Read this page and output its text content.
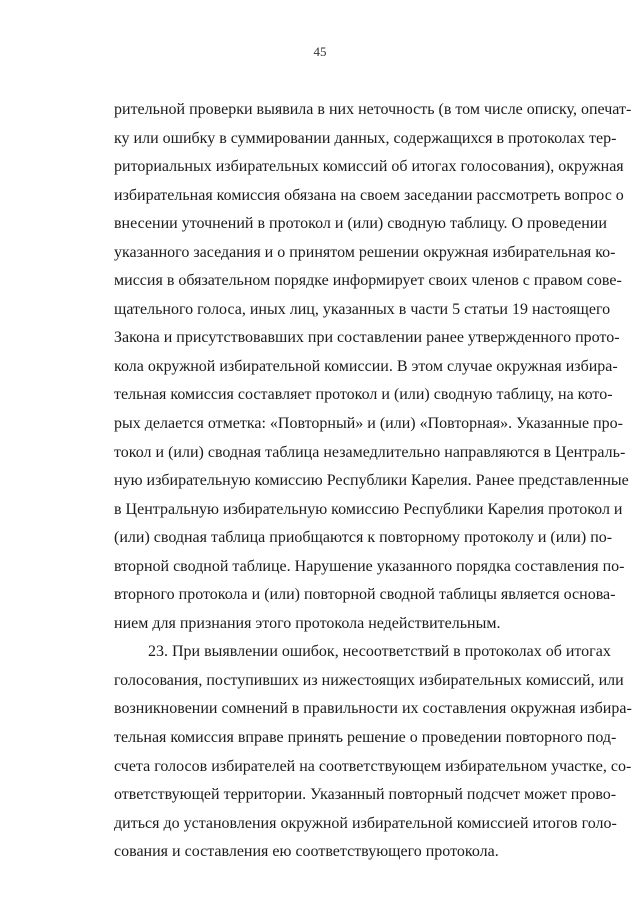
45
рительной проверки выявила в них неточность (в том числе описку, опечат-
ку или ошибку в суммировании данных, содержащихся в протоколах тер-
риториальных избирательных комиссий об итогах голосования), окружная
избирательная комиссия обязана на своем заседании рассмотреть вопрос о
внесении уточнений в протокол и (или) сводную таблицу. О проведении
указанного заседания и о принятом решении окружная избирательная ко-
миссия в обязательном порядке информирует своих членов с правом сове-
щательного голоса, иных лиц, указанных в части 5 статьи 19 настоящего
Закона и присутствовавших при составлении ранее утвержденного прото-
кола окружной избирательной комиссии. В этом случае окружная избира-
тельная комиссия составляет протокол и (или) сводную таблицу, на кото-
рых делается отметка: «Повторный» и (или) «Повторная». Указанные про-
токол и (или) сводная таблица незамедлительно направляются в Централь-
ную избирательную комиссию Республики Карелия. Ранее представленные
в Центральную избирательную комиссию Республики Карелия протокол и
(или) сводная таблица приобщаются к повторному протоколу и (или) по-
вторной сводной таблице. Нарушение указанного порядка составления по-
вторного протокола и (или) повторной сводной таблицы является основа-
нием для признания этого протокола недействительным.
23. При выявлении ошибок, несоответствий в протоколах об итогах
голосования, поступивших из нижестоящих избирательных комиссий, или
возникновении сомнений в правильности их составления окружная избира-
тельная комиссия вправе принять решение о проведении повторного под-
счета голосов избирателей на соответствующем избирательном участке, со-
ответствующей территории. Указанный повторный подсчет может прово-
диться до установления окружной избирательной комиссией итогов голо-
сования и составления ею соответствующего протокола.
